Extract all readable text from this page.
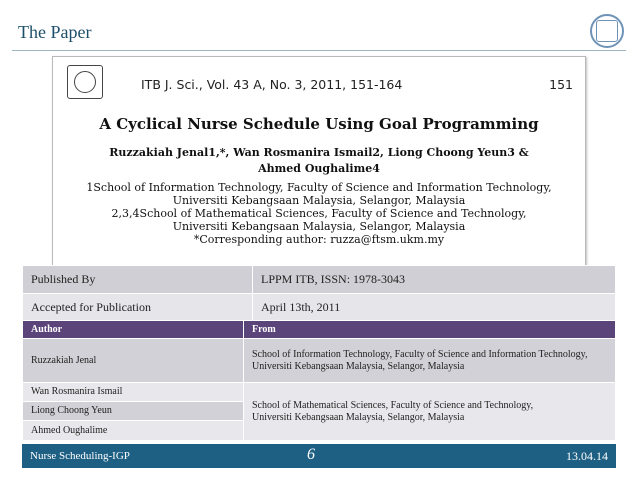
The Paper
ITB J. Sci., Vol. 43 A, No. 3, 2011, 151-164	151
A Cyclical Nurse Schedule Using Goal Programming
Ruzzakiah Jenal1,*, Wan Rosmanira Ismail2, Liong Choong Yeun3 &
Ahmed Oughalime4
1School of Information Technology, Faculty of Science and Information Technology,
Universiti Kebangsaan Malaysia, Selangor, Malaysia
2,3,4School of Mathematical Sciences, Faculty of Science and Technology,
Universiti Kebangsaan Malaysia, Selangor, Malaysia
*Corresponding author: ruzza@ftsm.ukm.my
Published By	LPPM ITB, ISSN: 1978-3043
Accepted for Publication	April 13th, 2011
Author	From
Ruzzakiah Jenal	School of Information Technology, Faculty of Science and Information Technology,
Universiti Kebangsaan Malaysia, Selangor, Malaysia

Wan Rosmanira Ismail	School of Mathematical Sciences, Faculty of Science and Technology,
Universiti Kebangsaan Malaysia, Selangor, Malaysia

Liong Choong Yeun	
Ahmed Oughalime	
Nurse Scheduling-IGP	6	13.04.14
